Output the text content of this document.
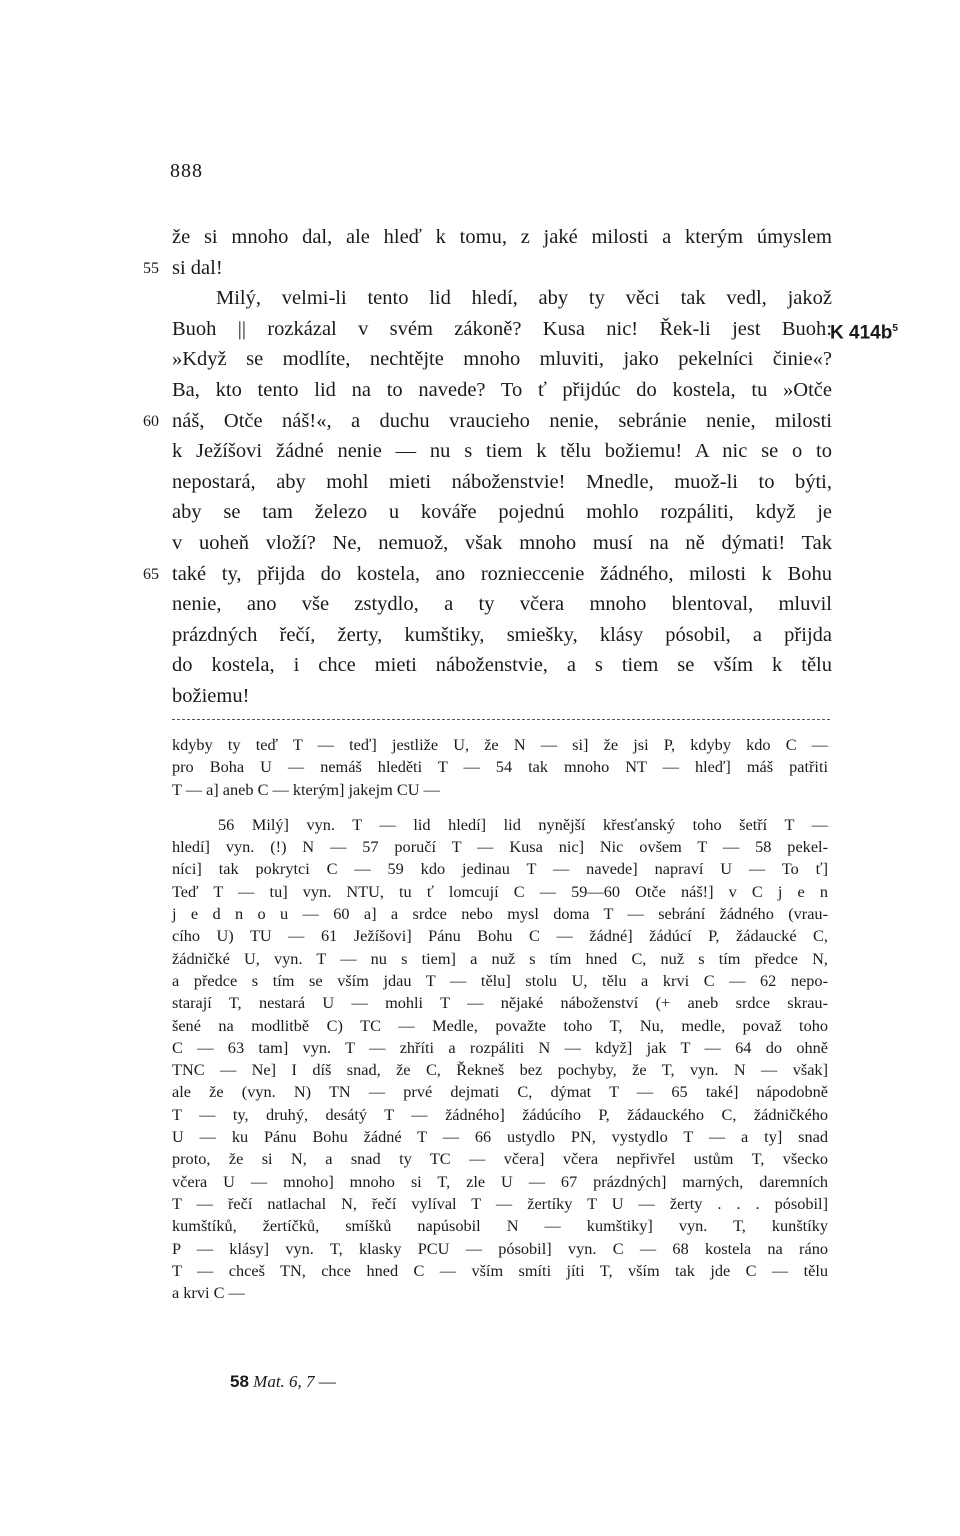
888
že si mnoho dal, ale hleď k tomu, z jaké milosti a kterým úmyslem
55 si dal!
Milý, velmi-li tento lid hledí, aby ty věci tak vedl, jakož
Buoh || rozkázal v svém zákoně? Kusa nic! Řek-li jest Buoh:
K $414b^5$
»Když se modlíte, nechtějte mnoho mluviti, jako pekelníci činie«?
Ba, kto tento lid na to navede? To ť přijdúc do kostela, tu »Otče
60 náš, Otče náš!«, a duchu vraucieho nenie, sebránie nenie, milosti
k Ježíšovi žádné nenie — nu s tiem k tělu božiemu! A nic se o to
nepostará, aby mohl mieti náboženstvie! Mnedle, muož-li to býti,
aby se tam železo u kováře pojednú mohlo rozpáliti, když je
v uoheň vloží? Ne, nemuož, však mnoho musí na ně dýmati! Tak
65 také ty, přijda do kostela, ano roznieccenie žádného, milosti k Bohu
nenie, ano vše zstydlo, a ty včera mnoho blentoval, mluvil
prázdných řečí, žerty, kumštiky, smiešky, klásy pósobil, a přijda
do kostela, i chce mieti náboženstvie, a s tiem se vším k tělu
božiemu!
kdyby ty teď T — teď] jestliže U, že N — si] že jsi P, kdyby kdo C —
pro Boha U — nemáš hleděti T — 54 tak mnoho NT — hleď] máš patřiti
T — a] aneb C — kterým] jakejm CU —
56 Milý] vyn. T — lid hledí] lid nynější křesťanský toho šetří T —
hledí] vyn. (!) N — 57 poručí T — Kusa nic] Nic ovšem T — 58 pekel-
níci] tak pokrytci C — 59 kdo jedinau T — navede] napraví U — To ť]
Teď T — tu] vyn. NTU, tu ť lomcují C — 59—60 Otče náš!] v C j e n
j e d n o u — 60 a] a srdce nebo mysl doma T — sebrání žádného (vrau-
cího U) TU — 61 Ježíšovi] Pánu Bohu C — žádné] žádúcí P, žádaucké C,
žádničké U, vyn. T — nu s tiem] a nuž s tím hned C, nuž s tím předce N,
a předce s tím se vším jdau T — tělu] stolu U, tělu a krvi C — 62 nepo-
starají T, nestará U — mohli T — nějaké náboženství (+ aneb srdce skrau-
šené na modlitbě C) TC — Medle, považte toho T, Nu, medle, považ toho
C — 63 tam] vyn. T — zhříti a rozpáliti N — když] jak T — 64 do ohně
TNC — Ne] I díš snad, že C, Řekneš bez pochyby, že T, vyn. N — však]
ale že (vyn. N) TN — prvé dejmati C, dýmat T — 65 také] nápodobně
T — ty, druhý, desátý T — žádného] žádúcího P, žádauckého C, žádničkého
U — ku Pánu Bohu žádné T — 66 ustydlo PN, vystydlo T — a ty] snad
proto, že si N, a snad ty TC — včera] včera nepřivřel ustům T, všecko
včera U — mnoho] mnoho si T, zle U — 67 prázdných] marných, daremních
T — řečí natlachal N, řečí vylíval T — žertíky T U — žerty . . . pósobil]
kumštíků, žertíčků, smíšků napúsobil N — kumštiky] vyn. T, kunštíky
P — klásy] vyn. T, klasky PCU — pósobil] vyn. C — 68 kostela na ráno
T — chceš TN, chce hned C — vším smíti jíti T, vším tak jde C — tělu
a krvi C —
58 Mat. 6, 7 —
